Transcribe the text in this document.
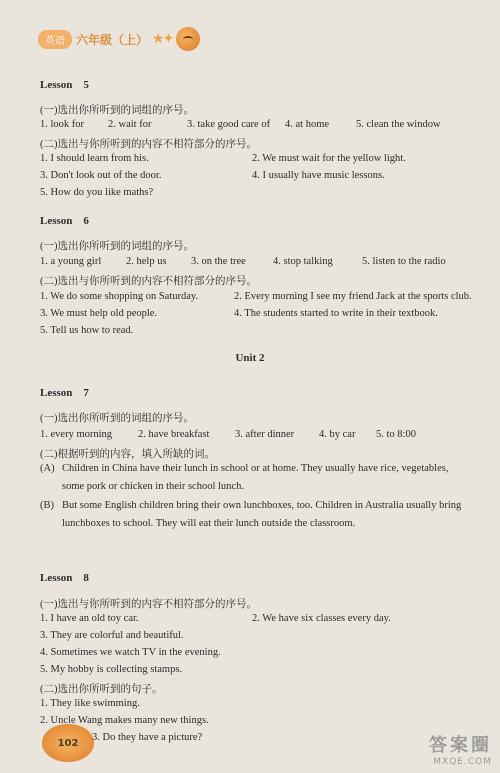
英语 六年级（上） ★✦
Lesson　5
(一)选出你所听到的词组的序号。
1. look for 2. wait for	3. take good care of 4. at home	5. clean the window
(二)选出与你所听到的内容不相符部分的序号。
1. I should learn from his.	2. We must wait for the yellow light.
3. Don't look out of the door.	4. I usually have music lessons.
5. How do you like maths?
Lesson　6
(一)选出你所听到的词组的序号。
1. a young girl 2. help us 3. on the tree	4. stop talking	5. listen to the radio
(二)选出与你所听到的内容不相符部分的序号。
1. We do some shopping on Saturday.	2. Every morning I see my friend Jack at the sports club.
3. We must help old people.	4. The students started to write in their textbook.
5. Tell us how to read.
Unit 2
Lesson　7
(一)选出你所听到的词组的序号。
1. every morning 2. have breakfast 3. after dinner 4. by car 5. to 8:00
(二)根据听到的内容，填入所缺的词。
(A) Children in China have their lunch in school or at home. They usually have rice, vegetables,
some pork or chicken in their school lunch.
(B) But some English children bring their own lunchboxes, too. Children in Australia usually bring
lunchboxes to school. They will eat their lunch outside the classroom.
Lesson　8
(一)选出与你所听到的内容不相符部分的序号。
1. I have an old toy car.	2. We have six classes every day.
3. They are colorful and beautiful.
4. Sometimes we watch TV in the evening.
5. My hobby is collecting stamps.
(二)选出你所听到的句子。
1. They like swimming.
2. Uncle Wang makes many new things.
3. Do they have a picture?
102	答案圈
MXQE.COM
